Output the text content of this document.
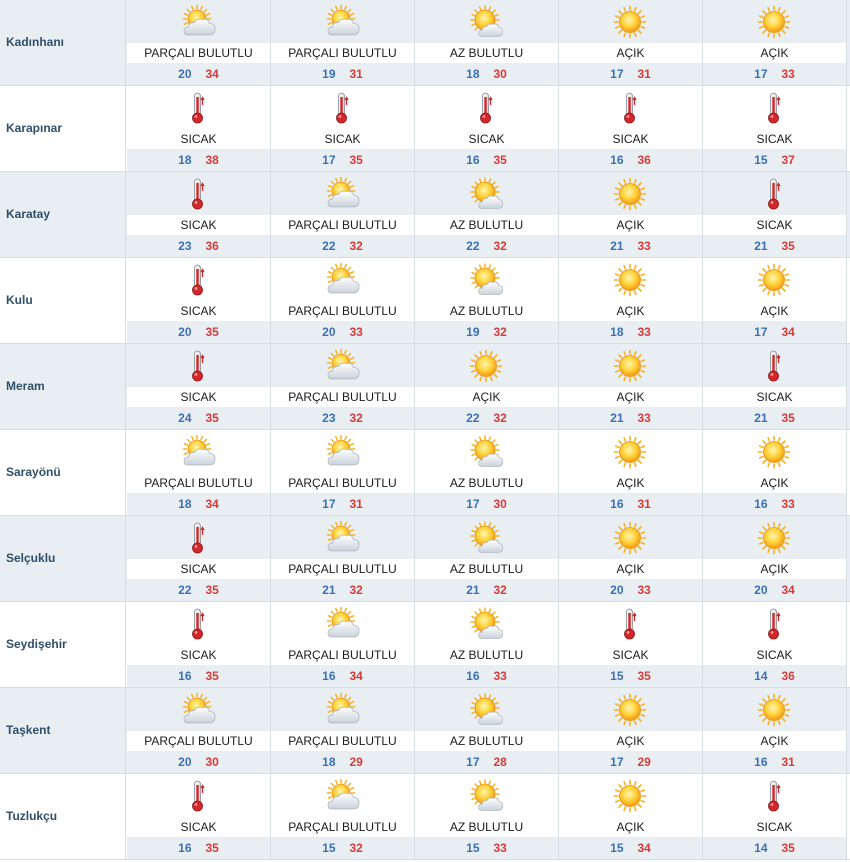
Kadınhanı
PARÇALI BULUTLU
20 34
PARÇALI BULUTLU
19 31
AZ BULUTLU
18 30
AÇIK
17 31
AÇIK
17 33
Karapınar
SICAK
18 38
SICAK
17 35
SICAK
16 35
SICAK
16 36
SICAK
15 37
Karatay
SICAK
23 36
PARÇALI BULUTLU
22 32
AZ BULUTLU
22 32
AÇIK
21 33
SICAK
21 35
Kulu
SICAK
20 35
PARÇALI BULUTLU
20 33
AZ BULUTLU
19 32
AÇIK
18 33
AÇIK
17 34
Meram
SICAK
24 35
PARÇALI BULUTLU
23 32
AÇIK
22 32
AÇIK
21 33
SICAK
21 35
Sarayönü
PARÇALI BULUTLU
18 34
PARÇALI BULUTLU
17 31
AZ BULUTLU
17 30
AÇIK
16 31
AÇIK
16 33
Selçuklu
SICAK
22 35
PARÇALI BULUTLU
21 32
AZ BULUTLU
21 32
AÇIK
20 33
AÇIK
20 34
Seydişehir
SICAK
16 35
PARÇALI BULUTLU
16 34
AZ BULUTLU
16 33
SICAK
15 35
SICAK
14 36
Taşkent
PARÇALI BULUTLU
20 30
PARÇALI BULUTLU
18 29
AZ BULUTLU
17 28
AÇIK
17 29
AÇIK
16 31
Tuzlukçu
SICAK
16 35
PARÇALI BULUTLU
15 32
AZ BULUTLU
15 33
AÇIK
15 34
SICAK
14 35
